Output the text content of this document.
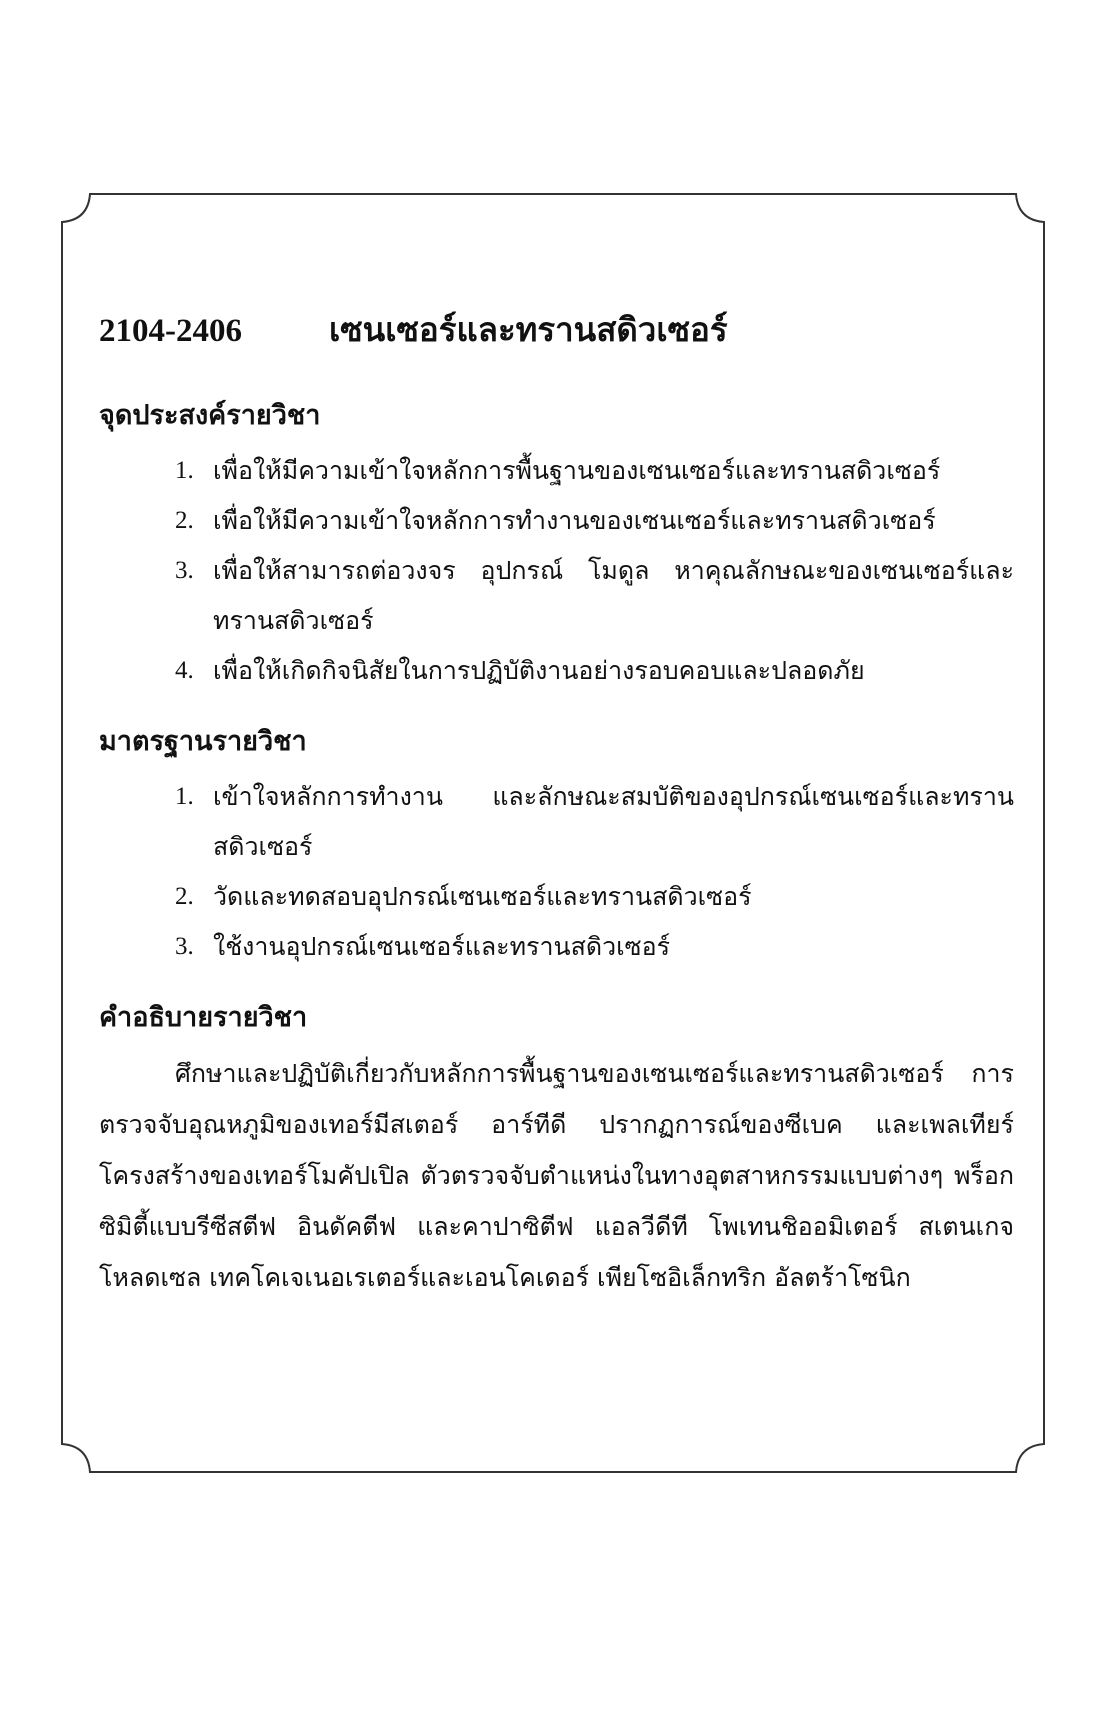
2104-2406	เซนเซอร์และทรานสดิวเซอร์
จุดประสงค์รายวิชา
1. เพื่อให้มีความเข้าใจหลักการพื้นฐานของเซนเซอร์และทรานสดิวเซอร์
2. เพื่อให้มีความเข้าใจหลักการทำงานของเซนเซอร์และทรานสดิวเซอร์
3. เพื่อให้สามารถต่อวงจร อุปกรณ์ โมดูล หาคุณลักษณะของเซนเซอร์และทรานสดิวเซอร์
4. เพื่อให้เกิดกิจนิสัยในการปฏิบัติงานอย่างรอบคอบและปลอดภัย
มาตรฐานรายวิชา
1. เข้าใจหลักการทำงาน และลักษณะสมบัติของอุปกรณ์เซนเซอร์และทรานสดิวเซอร์
2. วัดและทดสอบอุปกรณ์เซนเซอร์และทรานสดิวเซอร์
3. ใช้งานอุปกรณ์เซนเซอร์และทรานสดิวเซอร์
คำอธิบายรายวิชา

ศึกษาและปฏิบัติเกี่ยวกับหลักการพื้นฐานของเซนเซอร์และทรานสดิวเซอร์ การตรวจจับอุณหภูมิของเทอร์มีสเตอร์ อาร์ทีดี ปรากฏการณ์ของซีเบค และเพลเทียร์ โครงสร้างของเทอร์โมคัปเปิล ตัวตรวจจับตำแหน่งในทางอุตสาหกรรมแบบต่างๆ พร็อกซิมิตี้แบบรีซีสตีฟ อินดัคตีฟ และคาปาซิตีฟ แอลวีดีที โพเทนชิออมิเตอร์ สเตนเกจ โหลดเซล เทคโคเจเนอเรเตอร์และเอนโคเดอร์ เพียโซอิเล็กทริก อัลตร้าโซนิก
